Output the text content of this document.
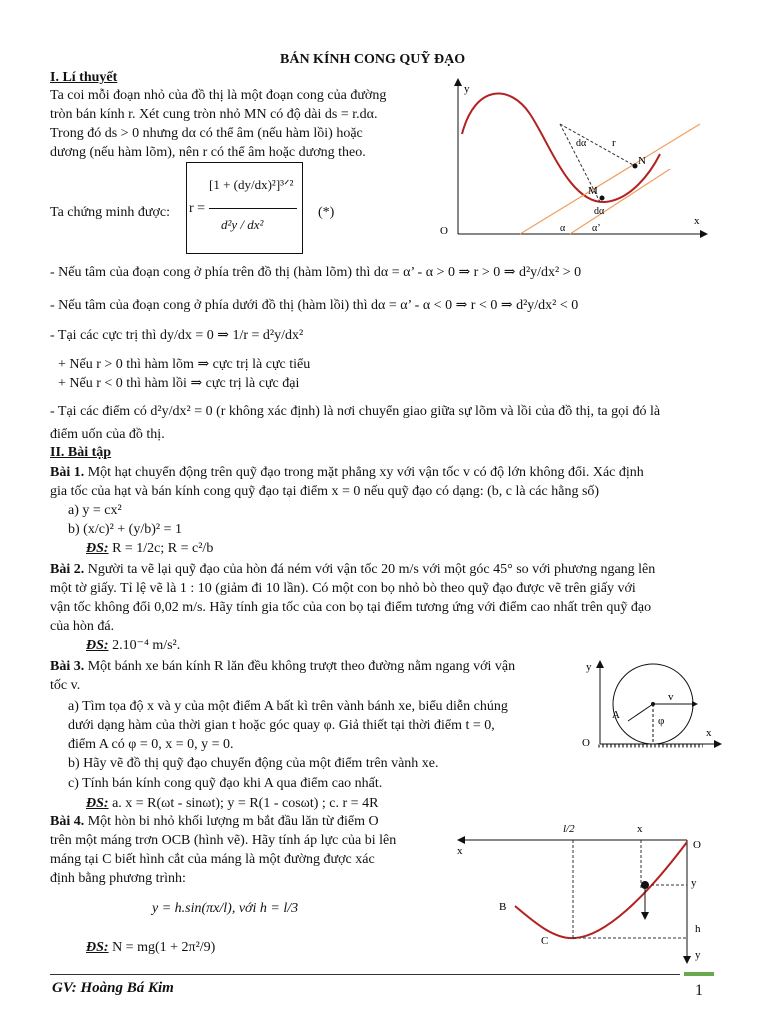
BÁN KÍNH CONG QUỸ ĐẠO
I. Lí thuyết
Ta coi mỗi đoạn nhỏ của đồ thị là một đoạn cong của đường
tròn bán kính r. Xét cung tròn nhỏ MN có độ dài ds = r.dα.
Trong đó ds > 0 nhưng dα có thể âm (nếu hàm lồi) hoặc
dương (nếu hàm lõm), nên r có thể âm hoặc dương theo.
Ta chứng minh được: r =
[1 + (dy/dx)²]³ᐟ²
d²y / dx²
(*)
y
x
O
r
N
M
dα
dα
α	α’
- Nếu tâm của đoạn cong ở phía trên đồ thị (hàm lõm) thì dα = α’ - α > 0 ⇒ r > 0 ⇒ d²y/dx² > 0
- Nếu tâm của đoạn cong ở phía dưới đồ thị (hàm lồi) thì dα = α’ - α < 0 ⇒ r < 0 ⇒ d²y/dx² < 0
- Tại các cực trị thì dy/dx = 0 ⇒ 1/r = d²y/dx²
+ Nếu r > 0 thì hàm lõm ⇒ cực trị là cực tiểu
+ Nếu r < 0 thì hàm lồi ⇒ cực trị là cực đại
- Tại các điểm có d²y/dx² = 0 (r không xác định) là nơi chuyển giao giữa sự lõm và lồi của đồ thị, ta gọi đó là
điểm uốn của đồ thị.
II. Bài tập
Bài 1. Một hạt chuyển động trên quỹ đạo trong mặt phẳng xy với vận tốc v có độ lớn không đổi. Xác định
gia tốc của hạt và bán kính cong quỹ đạo tại điểm x = 0 nếu quỹ đạo có dạng: (b, c là các hằng số)
a) y = cx²
b) (x/c)² + (y/b)² = 1
ĐS: R = 1/2c; R = c²/b
Bài 2. Người ta vẽ lại quỹ đạo của hòn đá ném với vận tốc 20 m/s với một góc 45° so với phương ngang lên
một tờ giấy. Tỉ lệ vẽ là 1 : 10 (giảm đi 10 lần). Có một con bọ nhỏ bò theo quỹ đạo được vẽ trên giấy với
vận tốc không đổi 0,02 m/s. Hãy tính gia tốc của con bọ tại điểm tương ứng với điểm cao nhất trên quỹ đạo
của hòn đá.
ĐS: 2.10⁻⁴ m/s².
Bài 3. Một bánh xe bán kính R lăn đều không trượt theo đường nằm ngang với vận
tốc v.
a) Tìm tọa độ x và y của một điểm A bất kì trên vành bánh xe, biểu diễn chúng
dưới dạng hàm của thời gian t hoặc góc quay φ. Giả thiết tại thời điểm t = 0,
điểm A có φ = 0, x = 0, y = 0.
b) Hãy vẽ đồ thị quỹ đạo chuyển động của một điểm trên vành xe.
c) Tính bán kính cong quỹ đạo khi A qua điểm cao nhất.
ĐS: a. x = R(ωt - sinωt); y = R(1 - cosωt) ; c. r = 4R
y
x
O
A	φ
v
Bài 4. Một hòn bi nhỏ khối lượng m bắt đầu lăn từ điểm O
trên một máng trơn OCB (hình vẽ). Hãy tính áp lực của bi lên
máng tại C biết hình cắt của máng là một đường được xác
định bằng phương trình:
y = h.sin(πx/l), với h = l/3
ĐS: N = mg(1 + 2π²/9)
l/2	x
x	O
y
h
y
B
C
GV: Hoàng Bá Kim	1
